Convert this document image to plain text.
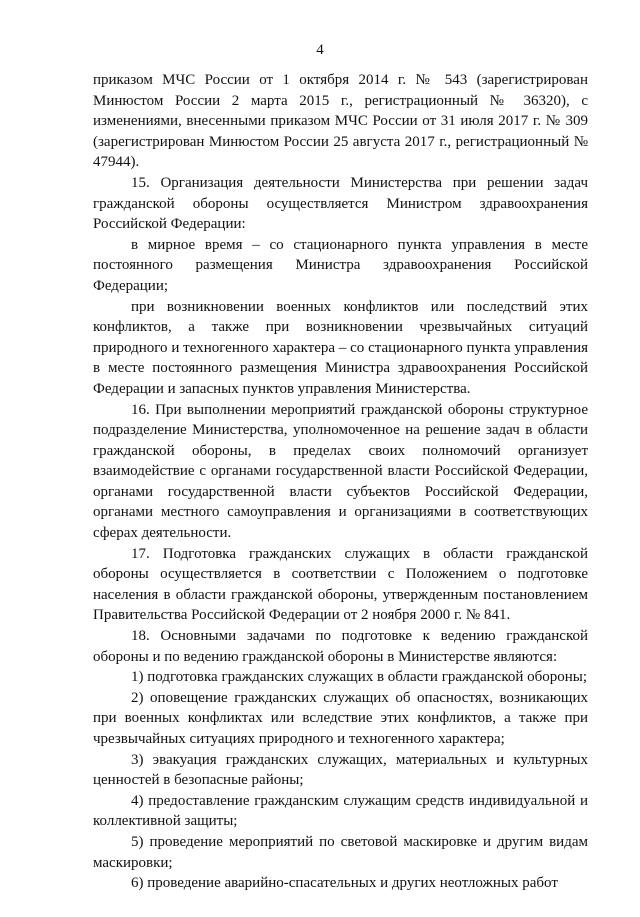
4

приказом МЧС России от 1 октября 2014 г. № 543 (зарегистрирован Минюстом России 2 марта 2015 г., регистрационный № 36320), с изменениями, внесенными приказом МЧС России от 31 июля 2017 г. № 309 (зарегистрирован Минюстом России 25 августа 2017 г., регистрационный № 47944).

15. Организация деятельности Министерства при решении задач гражданской обороны осуществляется Министром здравоохранения Российской Федерации:

в мирное время – со стационарного пункта управления в месте постоянного размещения Министра здравоохранения Российской Федерации;

при возникновении военных конфликтов или последствий этих конфликтов, а также при возникновении чрезвычайных ситуаций природного и техногенного характера – со стационарного пункта управления в месте постоянного размещения Министра здравоохранения Российской Федерации и запасных пунктов управления Министерства.

16. При выполнении мероприятий гражданской обороны структурное подразделение Министерства, уполномоченное на решение задач в области гражданской обороны, в пределах своих полномочий организует взаимодействие с органами государственной власти Российской Федерации, органами государственной власти субъектов Российской Федерации, органами местного самоуправления и организациями в соответствующих сферах деятельности.

17. Подготовка гражданских служащих в области гражданской обороны осуществляется в соответствии с Положением о подготовке населения в области гражданской обороны, утвержденным постановлением Правительства Российской Федерации от 2 ноября 2000 г. № 841.

18. Основными задачами по подготовке к ведению гражданской обороны и по ведению гражданской обороны в Министерстве являются:

1) подготовка гражданских служащих в области гражданской обороны;

2) оповещение гражданских служащих об опасностях, возникающих при военных конфликтах или вследствие этих конфликтов, а также при чрезвычайных ситуациях природного и техногенного характера;

3) эвакуация гражданских служащих, материальных и культурных ценностей в безопасные районы;

4) предоставление гражданским служащим средств индивидуальной и коллективной защиты;

5) проведение мероприятий по световой маскировке и другим видам маскировки;

6) проведение аварийно-спасательных и других неотложных работ
